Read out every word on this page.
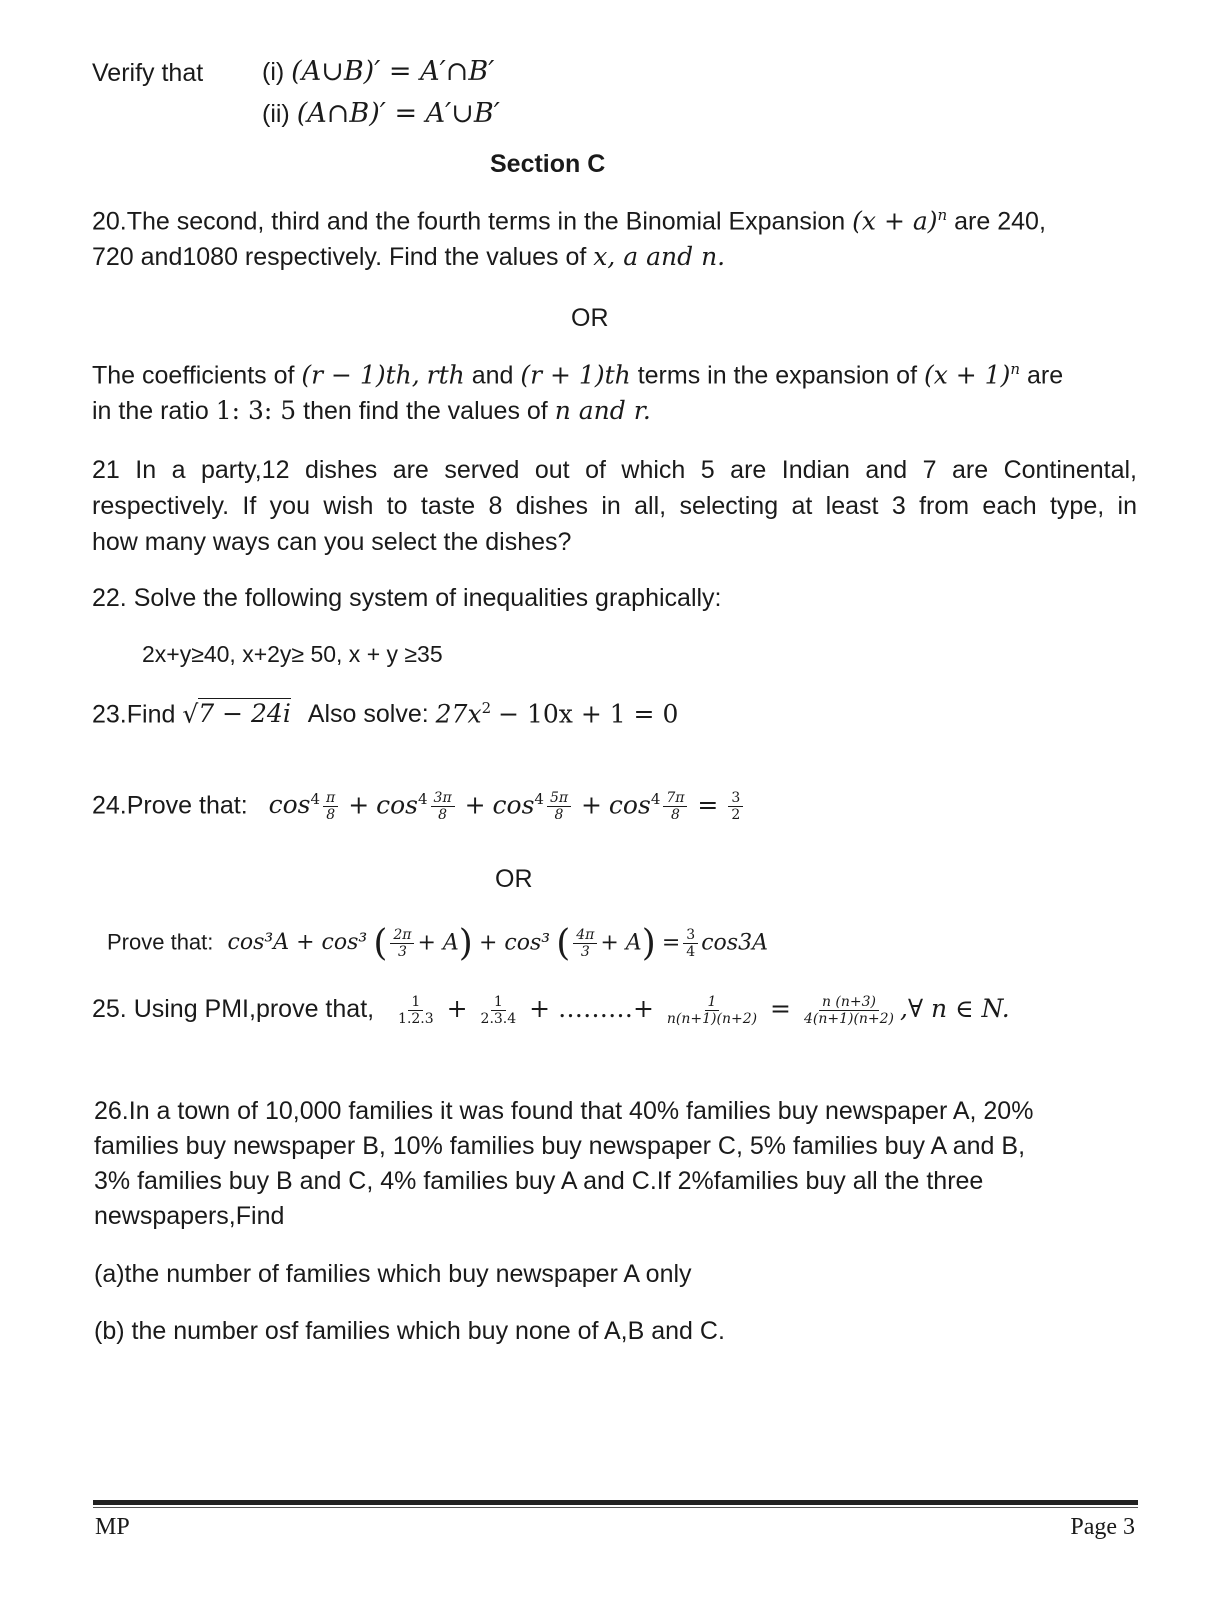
Verify that (i) (A∪B)′ = A′∩B′
(ii) (A∩B)′ = A′∪B′
Section C
20.The second, third and the fourth terms in the Binomial Expansion $(x + a)^n$ are 240,
720 and1080 respectively. Find the values of x, a and n.
OR
The coefficients of (r − 1)th, rth and (r + 1)th terms in the expansion of $(x + 1)^n$ are
in the ratio 1: 3: 5 then find the values of n and r.
21 In a party,12 dishes are served out of which 5 are Indian and 7 are Continental,
respectively. If you wish to taste 8 dishes in all, selecting at least 3 from each type, in
how many ways can you select the dishes?
22. Solve the following system of inequalities graphically:
2x+y≥40, x+2y≥ 50, x + y ≥35
23.Find √7 − 24i Also solve: $27x^2 - 10x + 1 = 0$
24.Prove that: $\cos^4 \frac{\pi}{8} + \cos^4 \frac{3\pi}{8} + \cos^4 \frac{5\pi}{8} + \cos^4 \frac{7\pi}{8} = \frac{3}{2}$
OR
Prove that: cos³A + cos³ ( $\frac{2\pi}{3} + A) + \cos^3$ ( $\frac{4\pi}{3} + A) = \frac{3}{4} \cos 3A$
25. Using PMI,prove that, $\frac{1}{1.2.3} + \frac{1}{2.3.4}$ + ………+ $\frac{1}{n(n+1)(n+2)} = \frac{n (n+3)}{4(n+1)(n+2)}$ ,∀ n ∈ N.
26.In a town of 10,000 families it was found that 40% families buy newspaper A, 20%
families buy newspaper B, 10% families buy newspaper C, 5% families buy A and B,
3% families buy B and C, 4% families buy A and C.If 2%families buy all the three
newspapers,Find
(a)the number of families which buy newspaper A only
(b) the number osf families which buy none of A,B and C.
MP	Page 3
